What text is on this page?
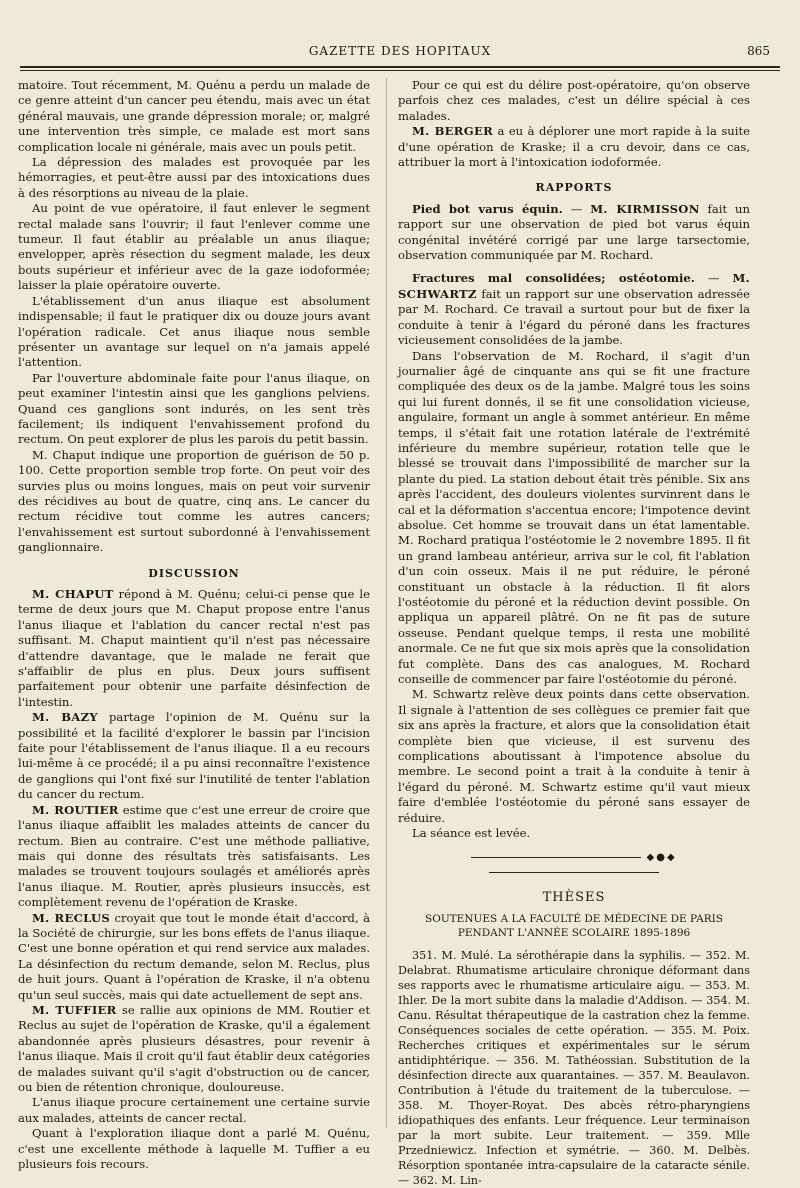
GAZETTE DES HOPITAUX	865

matoire. Tout récemment, M. Quénu a perdu un malade de ce genre atteint d'un cancer peu étendu, mais avec un état général mauvais, une grande dépression morale; or, malgré une intervention très simple, ce malade est mort sans complication locale ni générale, mais avec un pouls petit.

La dépression des malades est provoquée par les hémorragies, et peut-être aussi par des intoxications dues à des résorptions au niveau de la plaie.

Au point de vue opératoire, il faut enlever le segment rectal malade sans l'ouvrir; il faut l'enlever comme une tumeur. Il faut établir au préalable un anus iliaque; envelopper, après résection du segment malade, les deux bouts supérieur et inférieur avec de la gaze iodoformée; laisser la plaie opératoire ouverte.

L'établissement d'un anus iliaque est absolument indispensable; il faut le pratiquer dix ou douze jours avant l'opération radicale. Cet anus iliaque nous semble présenter un avantage sur lequel on n'a jamais appelé l'attention.

Par l'ouverture abdominale faite pour l'anus iliaque, on peut examiner l'intestin ainsi que les ganglions pelviens. Quand ces ganglions sont indurés, on les sent très facilement; ils indiquent l'envahissement profond du rectum. On peut explorer de plus les parois du petit bassin.

M. Chaput indique une proportion de guérison de 50 p. 100. Cette proportion semble trop forte. On peut voir des survies plus ou moins longues, mais on peut voir survenir des récidives au bout de quatre, cinq ans. Le cancer du rectum récidive tout comme les autres cancers; l'envahissement est surtout subordonné à l'envahissement ganglionnaire.

DISCUSSION

M. CHAPUT répond à M. Quénu; celui-ci pense que le terme de deux jours que M. Chaput propose entre l'anus l'anus iliaque et l'ablation du cancer rectal n'est pas suffisant. M. Chaput maintient qu'il n'est pas nécessaire d'attendre davantage, que le malade ne ferait que s'affaiblir de plus en plus. Deux jours suffisent parfaitement pour obtenir une parfaite désinfection de l'intestin.

M. BAZY partage l'opinion de M. Quénu sur la possibilité et la facilité d'explorer le bassin par l'incision faite pour l'établissement de l'anus iliaque. Il a eu recours lui-même à ce procédé; il a pu ainsi reconnaître l'existence de ganglions qui l'ont fixé sur l'inutilité de tenter l'ablation du cancer du rectum.

M. ROUTIER estime que c'est une erreur de croire que l'anus iliaque affaiblit les malades atteints de cancer du rectum. Bien au contraire. C'est une méthode palliative, mais qui donne des résultats très satisfaisants. Les malades se trouvent toujours soulagés et améliorés après l'anus iliaque. M. Routier, après plusieurs insuccès, est complètement revenu de l'opération de Kraske.

M. RECLUS croyait que tout le monde était d'accord, à la Société de chirurgie, sur les bons effets de l'anus iliaque. C'est une bonne opération et qui rend service aux malades. La désinfection du rectum demande, selon M. Reclus, plus de huit jours. Quant à l'opération de Kraske, il n'a obtenu qu'un seul succès, mais qui date actuellement de sept ans.

M. TUFFIER se rallie aux opinions de MM. Routier et Reclus au sujet de l'opération de Kraske, qu'il a également abandonnée après plusieurs désastres, pour revenir à l'anus iliaque. Mais il croit qu'il faut établir deux catégories de malades suivant qu'il s'agit d'obstruction ou de cancer, ou bien de rétention chronique, douloureuse.

L'anus iliaque procure certainement une certaine survie aux malades, atteints de cancer rectal.

Quant à l'exploration iliaque dont a parlé M. Quénu, c'est une excellente méthode à laquelle M. Tuffier a eu plusieurs fois recours.

Pour ce qui est du délire post-opératoire, qu'on observe parfois chez ces malades, c'est un délire spécial à ces malades.

M. BERGER a eu à déplorer une mort rapide à la suite d'une opération de Kraske; il a cru devoir, dans ce cas, attribuer la mort à l'intoxication iodoformée.

RAPPORTS

Pied bot varus équin. — M. KIRMISSON fait un rapport sur une observation de pied bot varus équin congénital invétéré corrigé par une large tarsectomie, observation communiquée par M. Rochard.

Fractures mal consolidées; ostéotomie. — M. SCHWARTZ fait un rapport sur une observation adressée par M. Rochard. Ce travail a surtout pour but de fixer la conduite à tenir à l'égard du péroné dans les fractures vicieusement consolidées de la jambe.

Dans l'observation de M. Rochard, il s'agit d'un journalier âgé de cinquante ans qui se fit une fracture compliquée des deux os de la jambe. Malgré tous les soins qui lui furent donnés, il se fit une consolidation vicieuse, angulaire, formant un angle à sommet antérieur. En même temps, il s'était fait une rotation latérale de l'extrémité inférieure du membre supérieur, rotation telle que le blessé se trouvait dans l'impossibilité de marcher sur la plante du pied. La station debout était très pénible. Six ans après l'accident, des douleurs violentes survinrent dans le cal et la déformation s'accentua encore; l'impotence devint absolue. Cet homme se trouvait dans un état lamentable. M. Rochard pratiqua l'ostéotomie le 2 novembre 1895. Il fit un grand lambeau antérieur, arriva sur le col, fit l'ablation d'un coin osseux. Mais il ne put réduire, le péroné constituant un obstacle à la réduction. Il fit alors l'ostéotomie du péroné et la réduction devint possible. On appliqua un appareil plâtré. On ne fit pas de suture osseuse. Pendant quelque temps, il resta une mobilité anormale. Ce ne fut que six mois après que la consolidation fut complète. Dans des cas analogues, M. Rochard conseille de commencer par faire l'ostéotomie du péroné.

M. Schwartz relève deux points dans cette observation. Il signale à l'attention de ses collègues ce premier fait que six ans après la fracture, et alors que la consolidation était complète bien que vicieuse, il est survenu des complications aboutissant à l'impotence absolue du membre. Le second point a trait à la conduite à tenir à l'égard du péroné. M. Schwartz estime qu'il vaut mieux faire d'emblée l'ostéotomie du péroné sans essayer de réduire.

La séance est levée.

◆●◆
THÈSES
SOUTENUES A LA FACULTÉ DE MÉDECINE DE PARIS
PENDANT L'ANNÉE SCOLAIRE 1895-1896

351. M. Mulé. La sérothérapie dans la syphilis. — 352. M. Delabrat. Rhumatisme articulaire chronique déformant dans ses rapports avec le rhumatisme articulaire aigu. — 353. M. Ihler. De la mort subite dans la maladie d'Addison. — 354. M. Canu. Résultat thérapeutique de la castration chez la femme. Conséquences sociales de cette opération. — 355. M. Poix. Recherches critiques et expérimentales sur le sérum antidiphtérique. — 356. M. Tathéossian. Substitution de la désinfection directe aux quarantaines. — 357. M. Beaulavon. Contribution à l'étude du traitement de la tuberculose. — 358. M. Thoyer-Royat. Des abcès rétro-pharyngiens idiopathiques des enfants. Leur fréquence. Leur terminaison par la mort subite. Leur traitement. — 359. Mlle Przedniewicz. Infection et symétrie. — 360. M. Delbès. Résorption spontanée intra-capsulaire de la cataracte sénile. — 362. M. Lin-
